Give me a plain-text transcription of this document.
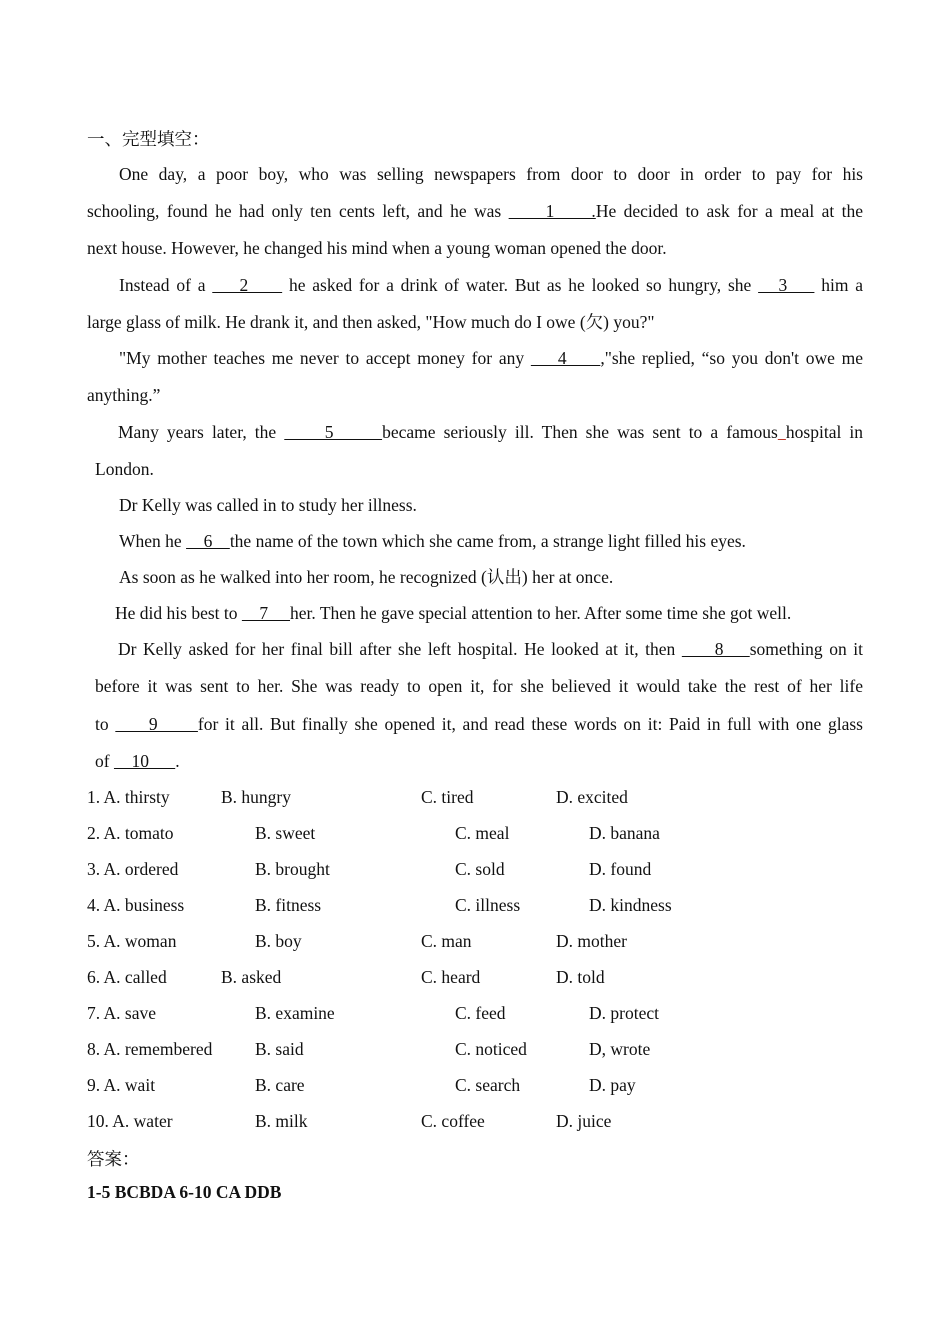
一、完型填空：
One day, a poor boy, who was selling newspapers from door to door in order to pay for his
schooling, found he had only ten cents left, and he was      1     .He decided to ask for a meal at the
next house. However, he changed his mind when a young woman opened the door.
Instead of a     2      he asked for a drink of water. But as he looked so hungry, she    3     him a
large glass of milk. He drank it, and then asked, "How much do I owe (欠) you?"
"My mother teaches me never to accept money for any     4     ,"she replied, “so you don't owe me
anything.”
Many years later, the      5      became seriously ill. Then she was sent to a famous hospital in
London.
Dr Kelly was called in to study her illness.
When he     6    the name of the town which she came from, a strange light filled his eyes.
As soon as he walked into her room, he recognized (认出) her at once.
He did his best to     7     her. Then he gave special attention to her. After some time she got well.
Dr Kelly asked for her final bill after she left hospital. He looked at it, then      8    something on it
before it was sent to her. She was ready to open it, for she believed it would take the rest of her life
to      9      for it all. But finally she opened it, and read these words on it: Paid in full with one glass
of     10      .
1. A. thirsty	B. hungry	C. tired	D. excited
2. A. tomato	B. sweet	C. meal	D. banana
3. A. ordered	B. brought	C. sold	D. found
4. A. business	B. fitness	C. illness	D. kindness
5. A. woman	B. boy	C. man	D. mother
6. A. called	B. asked	C. heard	D. told
7. A. save	B. examine	C. feed	D. protect
8. A. remembered B. said	C. noticed	D, wrote
9. A. wait	B. care	C. search	D. pay
10. A. water	B. milk	C. coffee	D. juice
答案：
1-5 BCBDA 6-10 CA DDB
